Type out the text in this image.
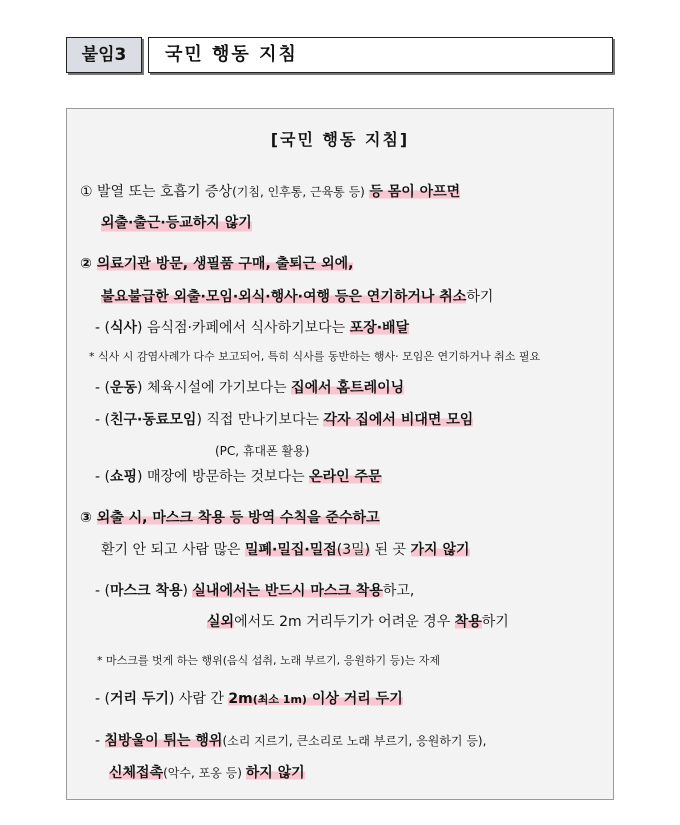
붙임3	국민 행동 지침
[국민 행동 지침]
① 발열 또는 호흡기 증상(기침, 인후통, 근육통 등) 등 몸이 아프면
외출·출근·등교하지 않기
② 의료기관 방문, 생필품 구매, 출퇴근 외에,
불요불급한 외출·모임·외식·행사·여행 등은 연기하거나 취소하기
- (식사) 음식점·카페에서 식사하기보다는 포장·배달
* 식사 시 감염사례가 다수 보고되어, 특히 식사를 동반하는 행사· 모임은 연기하거나 취소 필요
- (운동) 체육시설에 가기보다는 집에서 홈트레이닝
- (친구·동료모임) 직접 만나기보다는 각자 집에서 비대면 모임
(PC, 휴대폰 활용)
- (쇼핑) 매장에 방문하는 것보다는 온라인 주문
③ 외출 시, 마스크 착용 등 방역 수칙을 준수하고
환기 안 되고 사람 많은 밀폐·밀집·밀접(3밀) 된 곳 가지 않기
- (마스크 착용) 실내에서는 반드시 마스크 착용하고,
실외에서도 2m 거리두기가 어려운 경우 착용하기
* 마스크를 벗게 하는 행위(음식 섭취, 노래 부르기, 응원하기 등)는 자제
- (거리 두기) 사람 간 2m(최소 1m) 이상 거리 두기
- 침방울이 튀는 행위(소리 지르기, 큰소리로 노래 부르기, 응원하기 등),
신체접촉(악수, 포옹 등) 하지 않기
